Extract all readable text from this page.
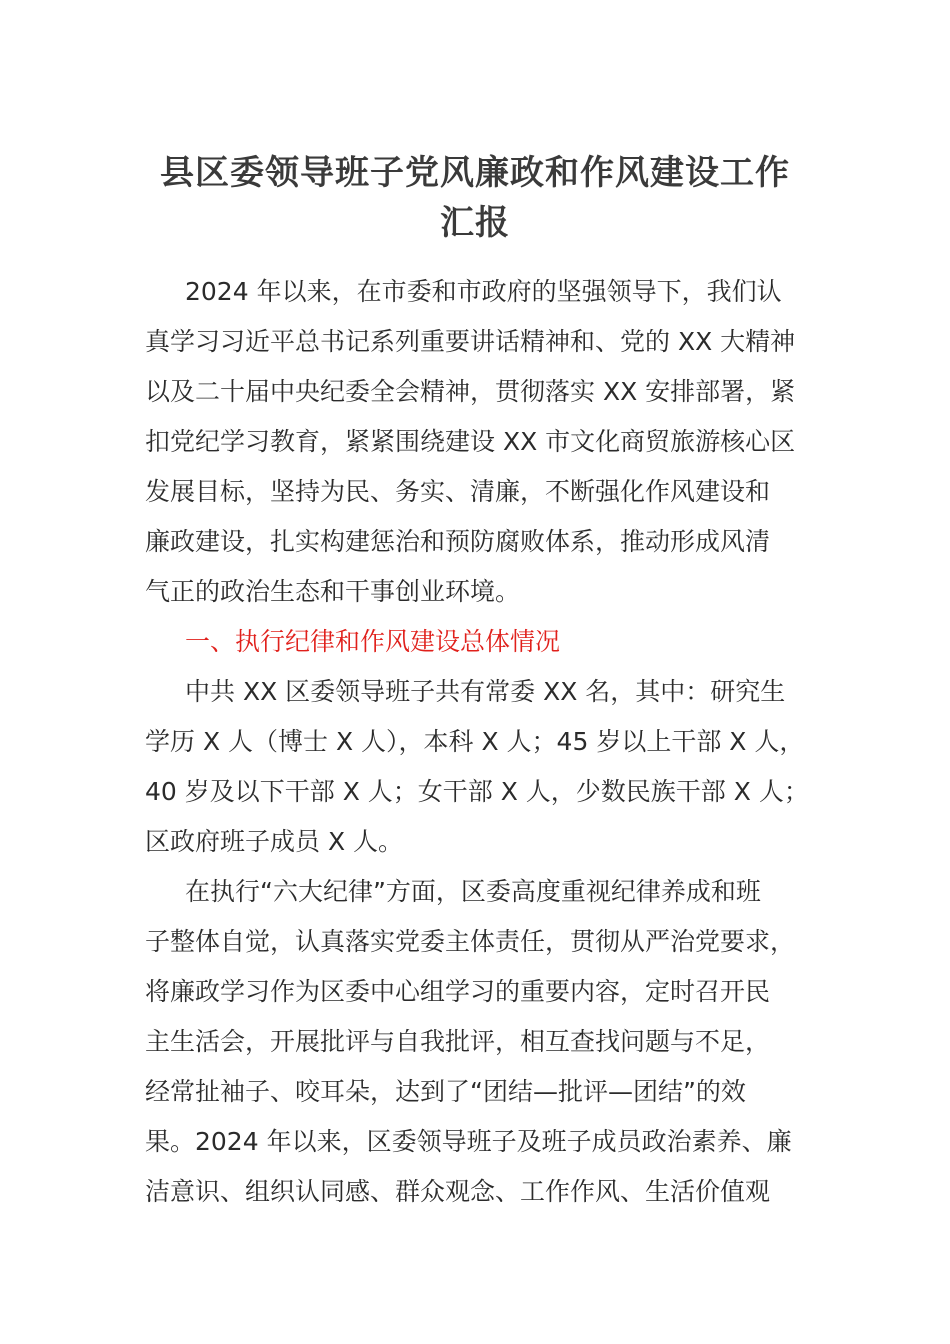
县区委领导班子党风廉政和作风建设工作
汇报
2024 年以来，在市委和市政府的坚强领导下，我们认
真学习习近平总书记系列重要讲话精神和、党的 XX 大精神
以及二十届中央纪委全会精神，贯彻落实 XX 安排部署，紧
扣党纪学习教育，紧紧围绕建设 XX 市文化商贸旅游核心区
发展目标，坚持为民、务实、清廉，不断强化作风建设和
廉政建设，扎实构建惩治和预防腐败体系，推动形成风清
气正的政治生态和干事创业环境。
一、执行纪律和作风建设总体情况
中共 XX 区委领导班子共有常委 XX 名，其中：研究生
学历 X 人（博士 X 人），本科 X 人；45 岁以上干部 X 人，
40 岁及以下干部 X 人；女干部 X 人，少数民族干部 X 人；
区政府班子成员 X 人。
在执行“六大纪律”方面，区委高度重视纪律养成和班
子整体自觉，认真落实党委主体责任，贯彻从严治党要求，
将廉政学习作为区委中心组学习的重要内容，定时召开民
主生活会，开展批评与自我批评，相互查找问题与不足，
经常扯袖子、咬耳朵，达到了“团结—批评—团结”的效
果。2024 年以来，区委领导班子及班子成员政治素养、廉
洁意识、组织认同感、群众观念、工作作风、生活价值观
